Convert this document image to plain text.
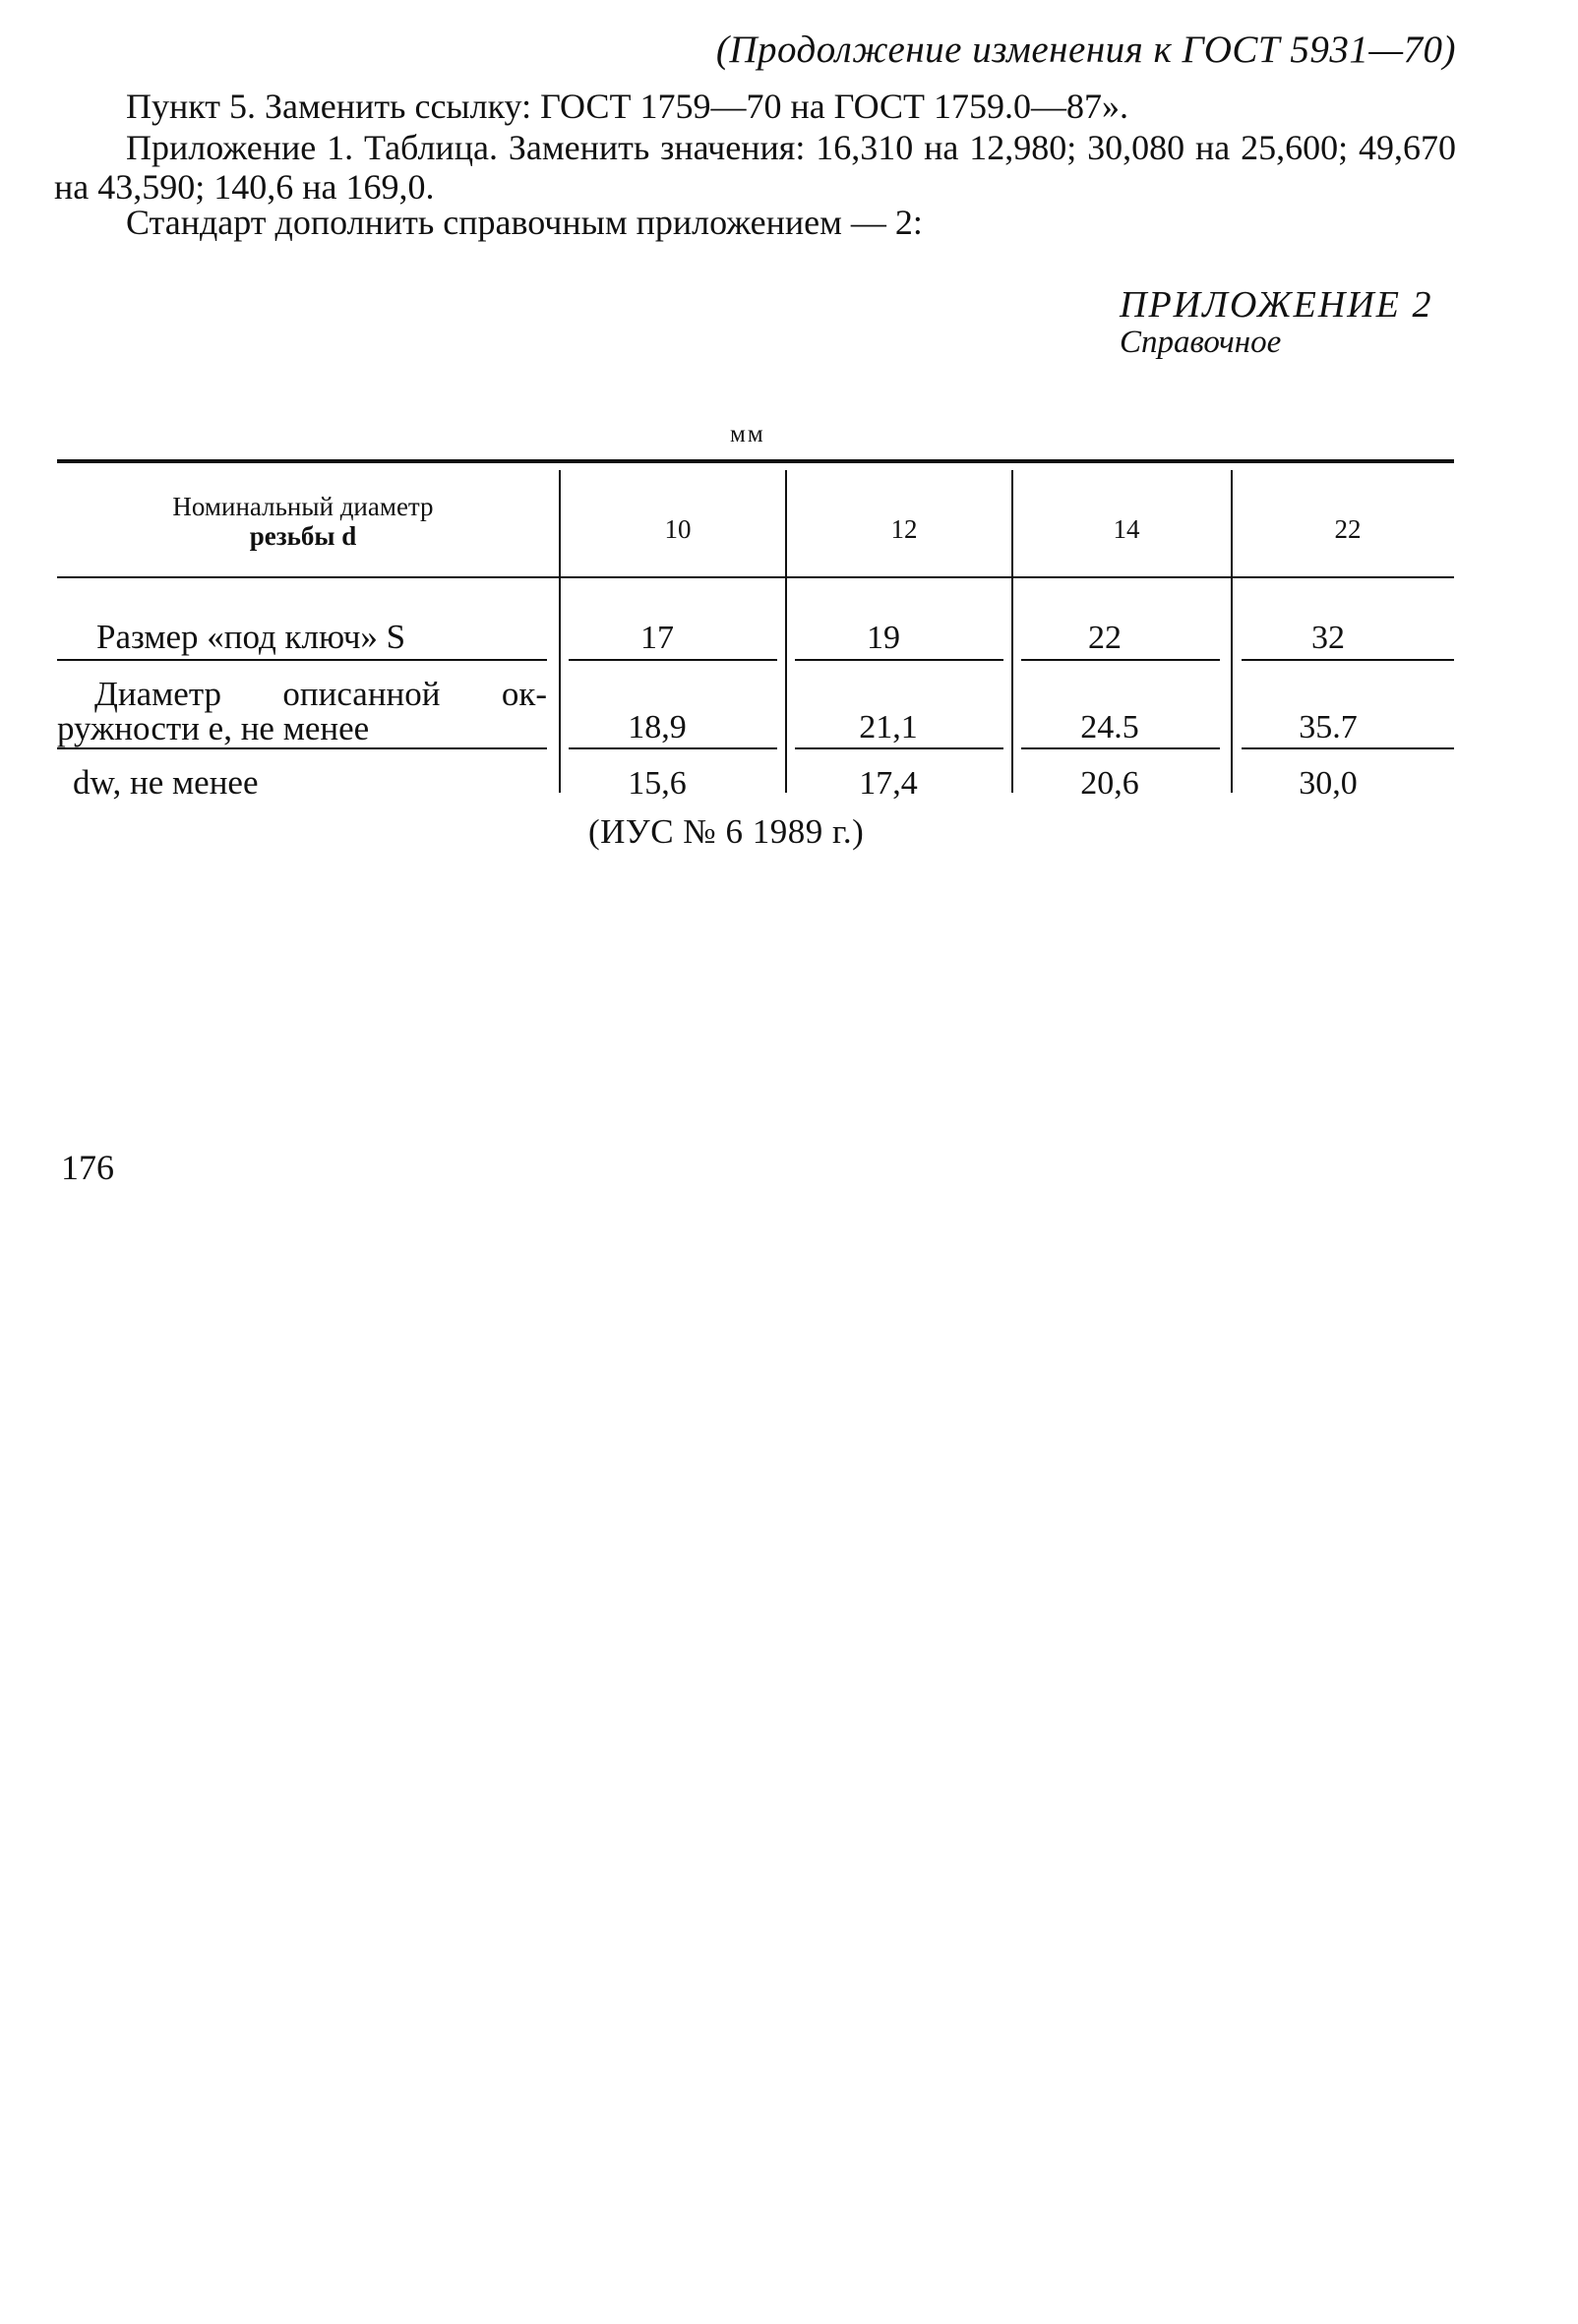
(Продолжение изменения к ГОСТ 5931—70)
Пункт 5. Заменить ссылку: ГОСТ 1759—70 на ГОСТ 1759.0—87».
Приложение 1. Таблица. Заменить значения: 16,310 на 12,980; 30,080 на 25,600; 49,670 на 43,590; 140,6 на 169,0.
Стандарт дополнить справочным приложением — 2:
ПРИЛОЖЕНИЕ 2
Справочное
мм
Номинальный диаметр
резьбы d	10	12	14	22
Размер «под ключ» S	17	19	22	32
Диаметр описанной ок-
ружности e, не менее	18,9	21,1	24.5	35.7
dw, не менее	15,6	17,4	20,6	30,0
(ИУС № 6 1989 г.)
176
